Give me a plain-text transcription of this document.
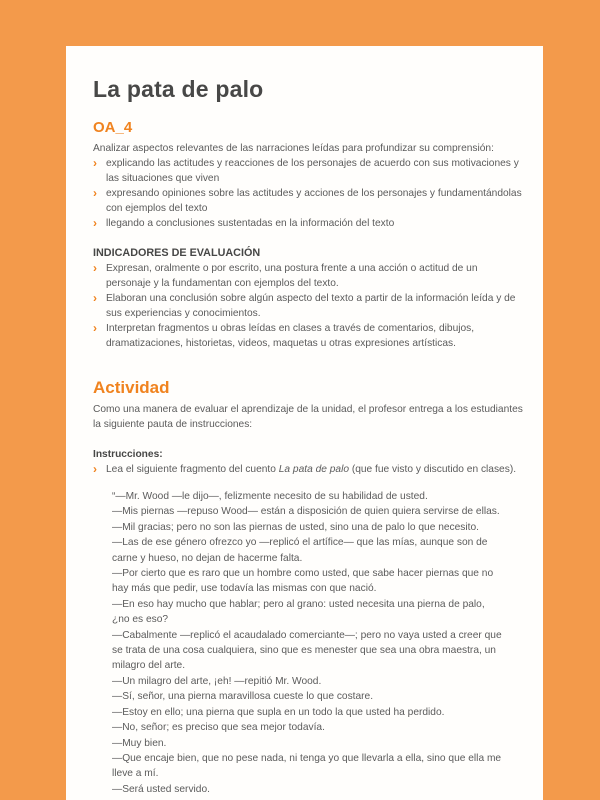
La pata de palo
OA_4

Analizar aspectos relevantes de las narraciones leídas para profundizar su comprensión:

› explicando las actitudes y reacciones de los personajes de acuerdo con sus motivaciones y las situaciones que viven
› expresando opiniones sobre las actitudes y acciones de los personajes y fundamentándolas con ejemplos del texto
› llegando a conclusiones sustentadas en la información del texto
INDICADORES DE EVALUACIÓN
› Expresan, oralmente o por escrito, una postura frente a una acción o actitud de un personaje y la fundamentan con ejemplos del texto.
› Elaboran una conclusión sobre algún aspecto del texto a partir de la información leída y de sus experiencias y conocimientos.
› Interpretan fragmentos u obras leídas en clases a través de comentarios, dibujos, dramatizaciones, historietas, videos, maquetas u otras expresiones artísticas.
Actividad

Como una manera de evaluar el aprendizaje de la unidad, el profesor entrega a los estudiantes la siguiente pauta de instrucciones:

Instrucciones:

› Lea el siguiente fragmento del cuento La pata de palo (que fue visto y discutido en clases).

“—Mr. Wood —le dijo—, felizmente necesito de su habilidad de usted.

—Mis piernas —repuso Wood— están a disposición de quien quiera servirse de ellas.

—Mil gracias; pero no son las piernas de usted, sino una de palo lo que necesito.

—Las de ese género ofrezco yo —replicó el artífice— que las mías, aunque son de carne y hueso, no dejan de hacerme falta.

—Por cierto que es raro que un hombre como usted, que sabe hacer piernas que no hay más que pedir, use todavía las mismas con que nació.

—En eso hay mucho que hablar; pero al grano: usted necesita una pierna de palo, ¿no es eso?

—Cabalmente —replicó el acaudalado comerciante—; pero no vaya usted a creer que se trata de una cosa cualquiera, sino que es menester que sea una obra maestra, un milagro del arte.

—Un milagro del arte, ¡eh! —repitió Mr. Wood.

—Sí, señor, una pierna maravillosa cueste lo que costare.

—Estoy en ello; una pierna que supla en un todo la que usted ha perdido.

—No, señor; es preciso que sea mejor todavía.

—Muy bien.

—Que encaje bien, que no pese nada, ni tenga yo que llevarla a ella, sino que ella me lleve a mí.

—Será usted servido.
